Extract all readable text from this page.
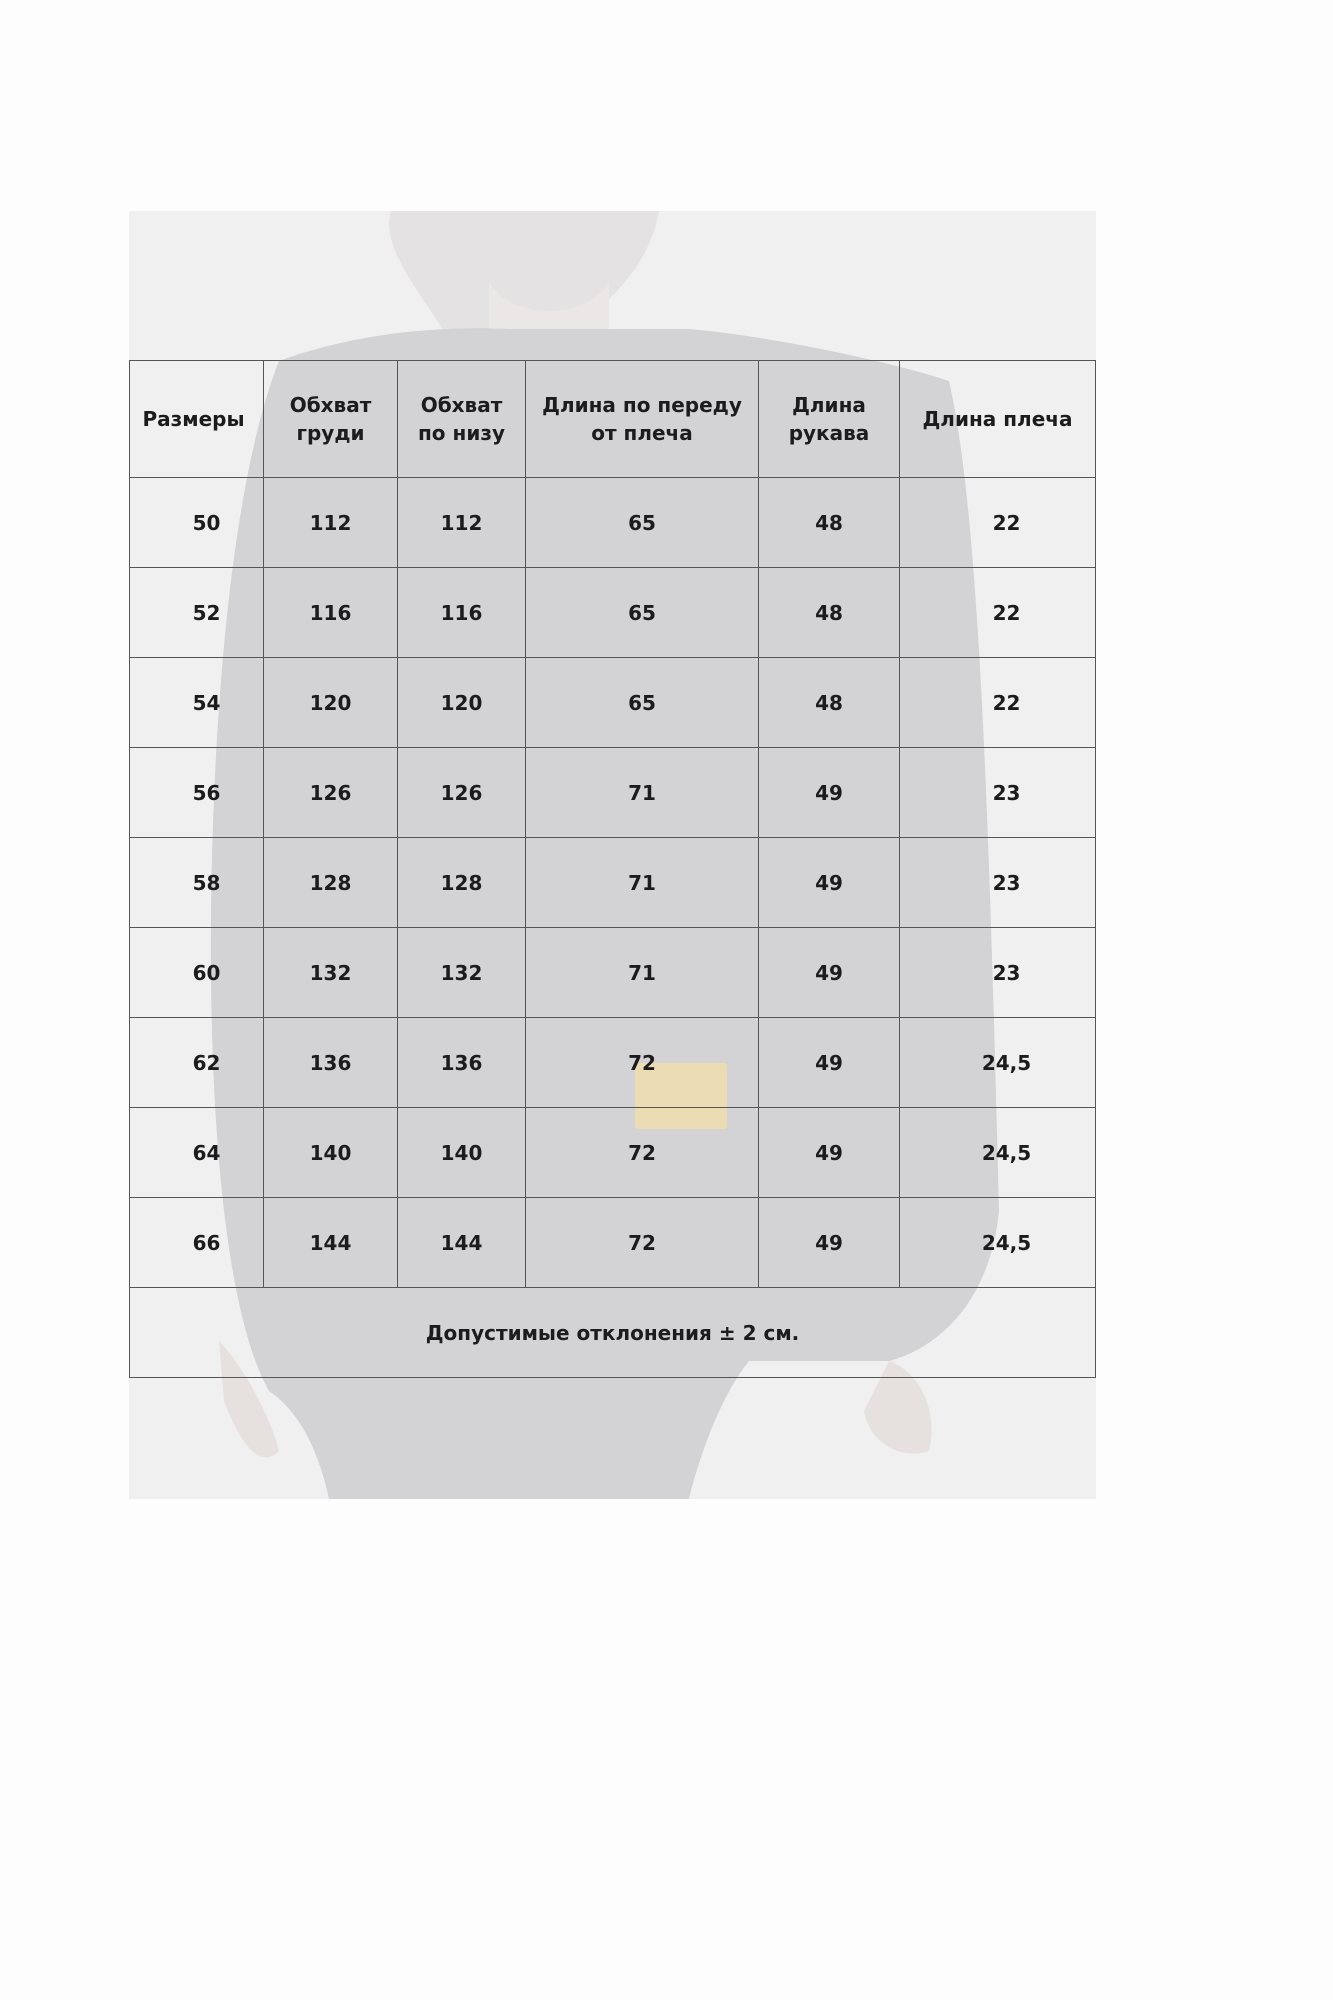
Размеры	Обхват груди	Обхват по низу	Длина по переду от плеча	Длина рукава	Длина плеча
50	112	112	65	48	22
52	116	116	65	48	22
54	120	120	65	48	22
56	126	126	71	49	23
58	128	128	71	49	23
60	132	132	71	49	23
62	136	136	72	49	24,5
64	140	140	72	49	24,5
66	144	144	72	49	24,5
Допустимые отклонения ± 2 см.					
